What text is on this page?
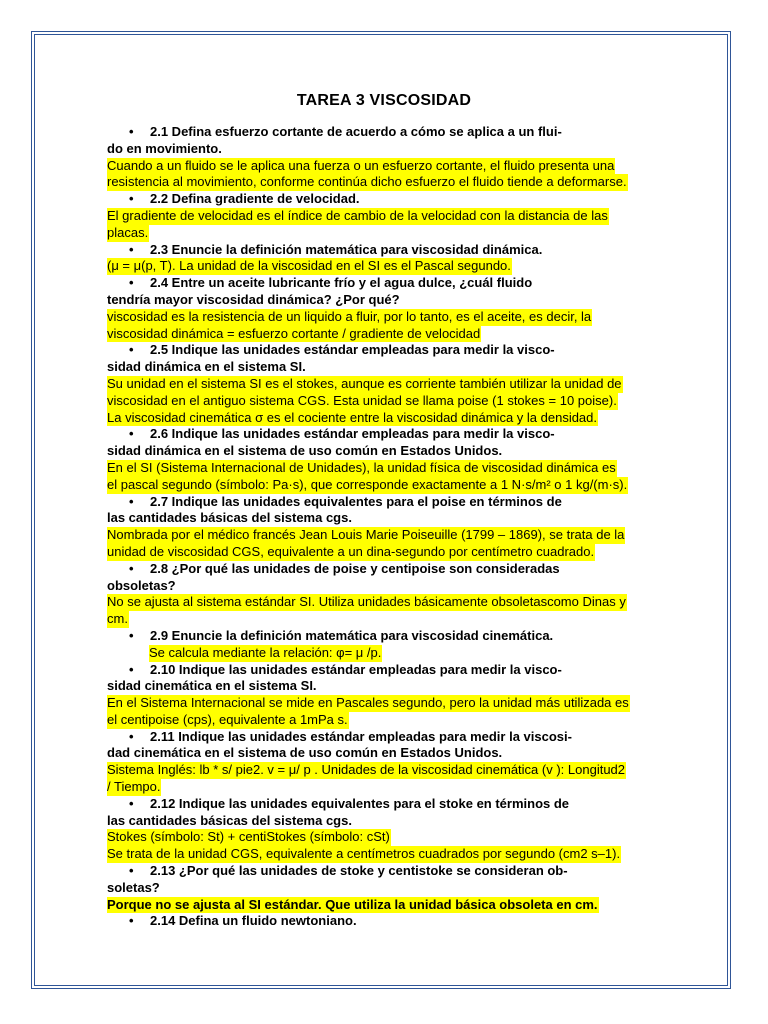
TAREA 3 VISCOSIDAD
• 2.1 Defina esfuerzo cortante de acuerdo a cómo se aplica a un flui-
do en movimiento.
Cuando a un fluido se le aplica una fuerza o un esfuerzo cortante, el fluido presenta una
resistencia al movimiento, conforme continúa dicho esfuerzo el fluido tiende a deformarse.
• 2.2 Defina gradiente de velocidad.
El gradiente de velocidad es el índice de cambio de la velocidad con la distancia de las
placas.
• 2.3 Enuncie la definición matemática para viscosidad dinámica.
(μ = μ(p, T). La unidad de la viscosidad en el SI es el Pascal segundo.
• 2.4 Entre un aceite lubricante frío y el agua dulce, ¿cuál fluido
tendría mayor viscosidad dinámica? ¿Por qué?
viscosidad es la resistencia de un liquido a fluir, por lo tanto, es el aceite, es decir, la
viscosidad dinámica = esfuerzo cortante / gradiente de velocidad
• 2.5 Indique las unidades estándar empleadas para medir la visco-
sidad dinámica en el sistema SI.
Su unidad en el sistema SI es el stokes, aunque es corriente también utilizar la unidad de
viscosidad en el antiguo sistema CGS. Esta unidad se llama poise (1 stokes = 10 poise).
La viscosidad cinemática σ es el cociente entre la viscosidad dinámica y la densidad.
• 2.6 Indique las unidades estándar empleadas para medir la visco-
sidad dinámica en el sistema de uso común en Estados Unidos.
En el SI (Sistema Internacional de Unidades), la unidad física de viscosidad dinámica es
el pascal segundo (símbolo: Pa·s), que corresponde exactamente a 1 N·s/m² o 1 kg/(m·s).
• 2.7 Indique las unidades equivalentes para el poise en términos de
las cantidades básicas del sistema cgs.
Nombrada por el médico francés Jean Louis Marie Poiseuille (1799 – 1869), se trata de la
unidad de viscosidad CGS, equivalente a un dina-segundo por centímetro cuadrado.
• 2.8 ¿Por qué las unidades de poise y centipoise son consideradas
obsoletas?
No se ajusta al sistema estándar SI. Utiliza unidades básicamente obsoletascomo Dinas y
cm.
• 2.9 Enuncie la definición matemática para viscosidad cinemática.
Se calcula mediante la relación: φ= μ /p.
• 2.10 Indique las unidades estándar empleadas para medir la visco-
sidad cinemática en el sistema SI.
En el Sistema Internacional se mide en Pascales segundo, pero la unidad más utilizada es
el centipoise (cps), equivalente a 1mPa s.
• 2.11 Indique las unidades estándar empleadas para medir la viscosi-
dad cinemática en el sistema de uso común en Estados Unidos.
Sistema Inglés: lb * s/ pie2. v = μ/ p . Unidades de la viscosidad cinemática (v ): Longitud2
/ Tiempo.
• 2.12 Indique las unidades equivalentes para el stoke en términos de
las cantidades básicas del sistema cgs.
Stokes (símbolo: St) + centiStokes (símbolo: cSt)
Se trata de la unidad CGS, equivalente a centímetros cuadrados por segundo (cm2 s–1).
• 2.13 ¿Por qué las unidades de stoke y centistoke se consideran ob-
soletas?
Porque no se ajusta al SI estándar. Que utiliza la unidad básica obsoleta en cm.
• 2.14 Defina un fluido newtoniano.
